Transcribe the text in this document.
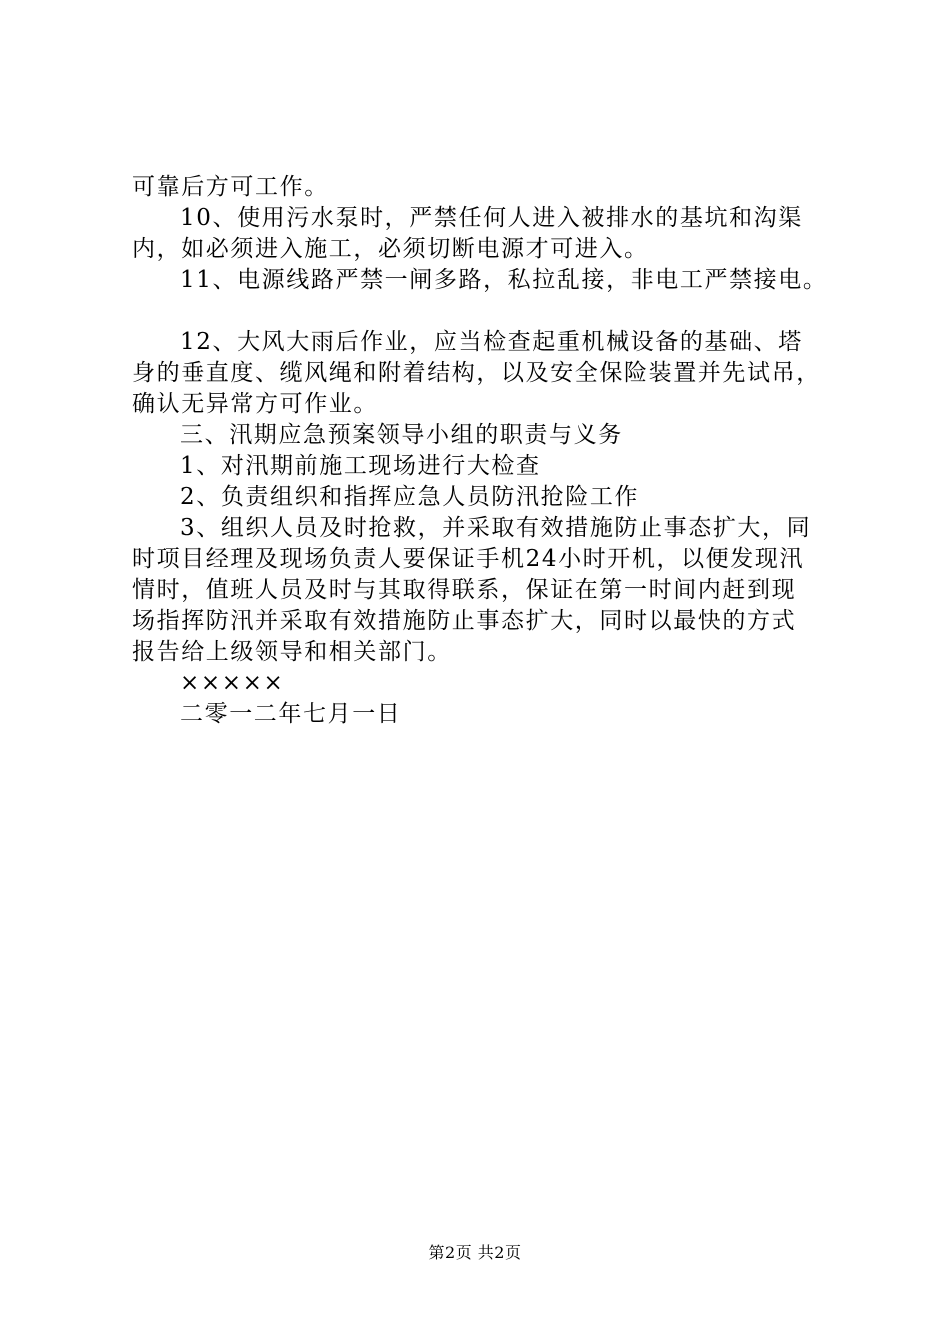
可靠后方可工作。
10、使用污水泵时，严禁任何人进入被排水的基坑和沟渠
内，如必须进入施工，必须切断电源才可进入。
11、电源线路严禁一闸多路，私拉乱接，非电工严禁接电。
12、大风大雨后作业，应当检查起重机械设备的基础、塔
身的垂直度、缆风绳和附着结构，以及安全保险装置并先试吊，
确认无异常方可作业。
三、汛期应急预案领导小组的职责与义务
1、对汛期前施工现场进行大检查
2、负责组织和指挥应急人员防汛抢险工作
3、组织人员及时抢救，并采取有效措施防止事态扩大，同
时项目经理及现场负责人要保证手机24小时开机，以便发现汛
情时，值班人员及时与其取得联系，保证在第一时间内赶到现
场指挥防汛并采取有效措施防止事态扩大，同时以最快的方式
报告给上级领导和相关部门。
×××××
二零一二年七月一日
第2页 共2页
